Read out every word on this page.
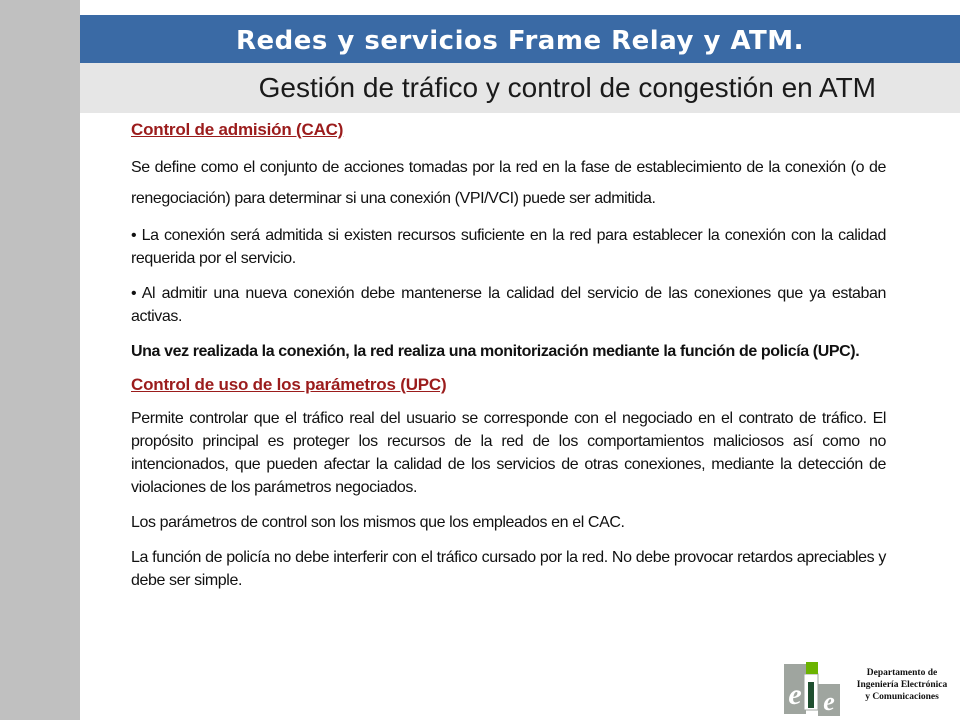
Redes y servicios Frame Relay y ATM.
Gestión de tráfico y control de congestión en ATM

Control de admisión (CAC)

Se define como el conjunto de acciones tomadas por la red en la fase de establecimiento de la conexión (o de renegociación) para determinar si una conexión (VPI/VCI) puede ser admitida.

• La conexión será admitida si existen recursos suficiente en la red para establecer la conexión con la calidad requerida por el servicio.

• Al admitir una nueva conexión debe mantenerse la calidad del servicio de las conexiones que ya estaban activas.

Una vez realizada la conexión, la red realiza una monitorización mediante la función de policía (UPC).

Control de uso de los parámetros (UPC)

Permite controlar que el tráfico real del usuario se corresponde con el negociado en el contrato de tráfico. El propósito principal es proteger los recursos de la red de los comportamientos maliciosos así como no intencionados, que pueden afectar la calidad de los servicios de otras conexiones, mediante la detección de violaciones de los parámetros negociados.

Los parámetros de control son los mismos que los empleados en el CAC.

La función de policía no debe interferir con el tráfico cursado por la red. No debe provocar retardos apreciables y debe ser simple.

e e
Departamento de
Ingeniería Electrónica
y Comunicaciones
